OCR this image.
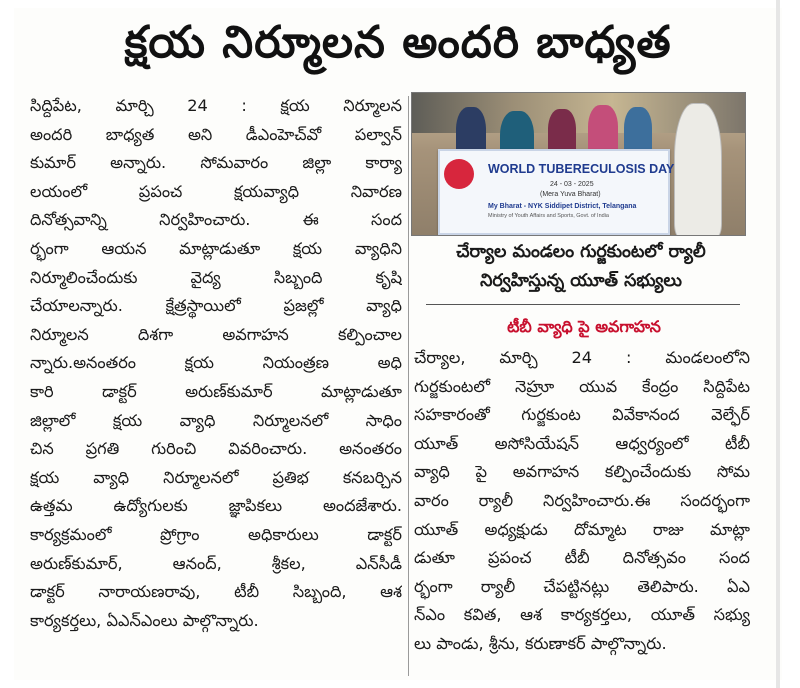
క్షయ నిర్మూలన అందరి బాధ్యత
సిద్దిపేట, మార్చి 24 : క్షయ నిర్మూలన
అందరి బాధ్యత అని డీఎంహెచ్‌వో పల్వాన్
కుమార్ అన్నారు. సోమవారం జిల్లా కార్యా
లయంలో ప్రపంచ క్షయవ్యాధి నివారణ
దినోత్సవాన్ని నిర్వహించారు. ఈ సంద
ర్భంగా ఆయన మాట్లాడుతూ క్షయ వ్యాధిని
నిర్మూలించేందుకు వైద్య సిబ్బంది కృషి
చేయాలన్నారు. క్షేత్రస్థాయిలో ప్రజల్లో వ్యాధి
నిర్మూలన దిశగా అవగాహన కల్పించాల
న్నారు.అనంతరం క్షయ నియంత్రణ అధి
కారి డాక్టర్ అరుణ్‌కుమార్ మాట్లాడుతూ
జిల్లాలో క్షయ వ్యాధి నిర్మూలనలో సాధిం
చిన ప్రగతి గురించి వివరించారు. అనంతరం
క్షయ వ్యాధి నిర్మూలనలో ప్రతిభ కనబర్చిన
ఉత్తమ ఉద్యోగులకు జ్ఞాపికలు అందజేశారు.
కార్యక్రమంలో ప్రోగ్రాం అధికారులు డాక్టర్
అరుణ్‌కుమార్, ఆనంద్, శ్రీకల, ఎన్‌సీడీ
డాక్టర్ నారాయణరావు, టీబీ సిబ్బంది, ఆశ
కార్యకర్తలు, ఏఎన్‌ఎంలు పాల్గొన్నారు.
WORLD TUBERECULOSIS DAY
24 - 03 - 2025
(Mera Yuva Bharat)
My Bharat - NYK Siddipet District, Telangana
Ministry of Youth Affairs and Sports, Govt. of India
చేర్యాల మండలం గుర్జకుంటలో ర్యాలీ
నిర్వహిస్తున్న యూత్ సభ్యులు
టీబీ వ్యాధి పై అవగాహన
చేర్యాల, మార్చి 24 : మండలంలోని
గుర్జకుంటలో నెహ్రూ యువ కేంద్రం సిద్దిపేట
సహకారంతో గుర్జకుంట వివేకానంద వెల్ఫేర్
యూత్ అసోసియేషన్ ఆధ్వర్యంలో టీబీ
వ్యాధి పై అవగాహన కల్పించేందుకు సోమ
వారం ర్యాలీ నిర్వహించారు.ఈ సందర్భంగా
యూత్ అధ్యక్షుడు దోమ్మాట రాజు మాట్లా
డుతూ ప్రపంచ టీబీ దినోత్సవం సంద
ర్భంగా ర్యాలీ చేపట్టినట్లు తెలిపారు. ఏఎ
న్ఎం కవిత, ఆశ కార్యకర్తలు, యూత్ సభ్యు
లు పాండు, శ్రీను, కరుణాకర్ పాల్గొన్నారు.
